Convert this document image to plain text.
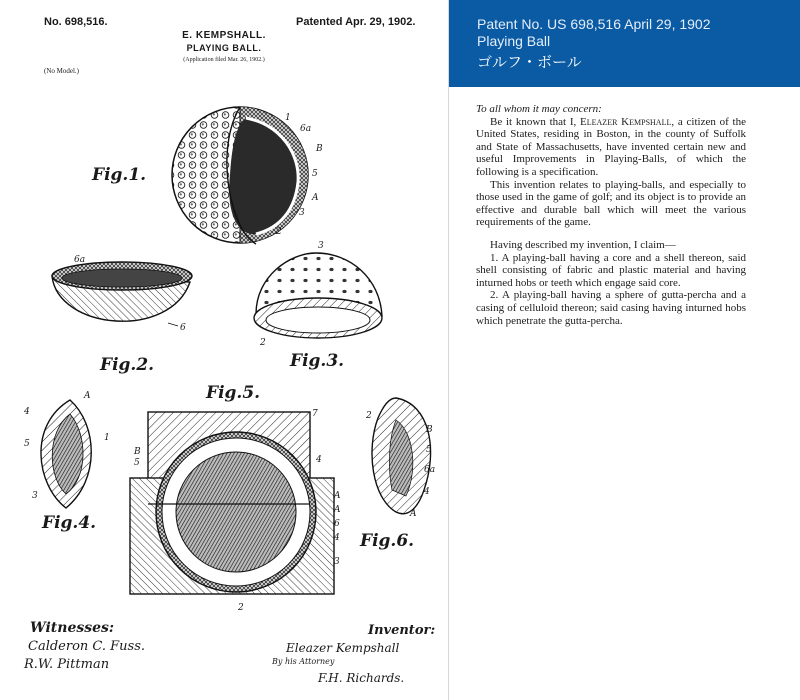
No. 698,516.	Patented Apr. 29, 1902.
E. KEMPSHALL.
PLAYING BALL.
(Application filed Mar. 26, 1902.)
(No Model.)
Fig.1.
1
6a
B
5
A
3
2
6a
6
Fig.2.
3
2
Fig.3.
4
A
5
1
3
Fig.4.
Fig.5.
7
B
5	4
A
A
6
4
3
2
2
B
5
6a
4
A
Fig.6.
Witnesses:
Calderon C. Fuss.
R.W. Pittman
Inventor:
Eleazer Kempshall
By his Attorney
F.H. Richards.
Patent No. US 698,516 April 29, 1902
Playing Ball
ゴルフ・ボール

To all whom it may concern:

Be it known that I, Eleazer Kempshall, a citizen of the United States, residing in Boston, in the county of Suffolk and State of Massachusetts, have invented certain new and useful Improvements in Playing-Balls, of which the following is a specification.

This invention relates to playing-balls, and especially to those used in the game of golf; and its object is to provide an effective and durable ball which will meet the various requirements of the game.

Having described my invention, I claim—

1. A playing-ball having a core and a shell thereon, said shell consisting of fabric and plastic material and having inturned hobs or teeth which engage said core.

2. A playing-ball having a sphere of gutta-percha and a casing of celluloid thereon; said casing having inturned hobs which penetrate the gutta-percha.
